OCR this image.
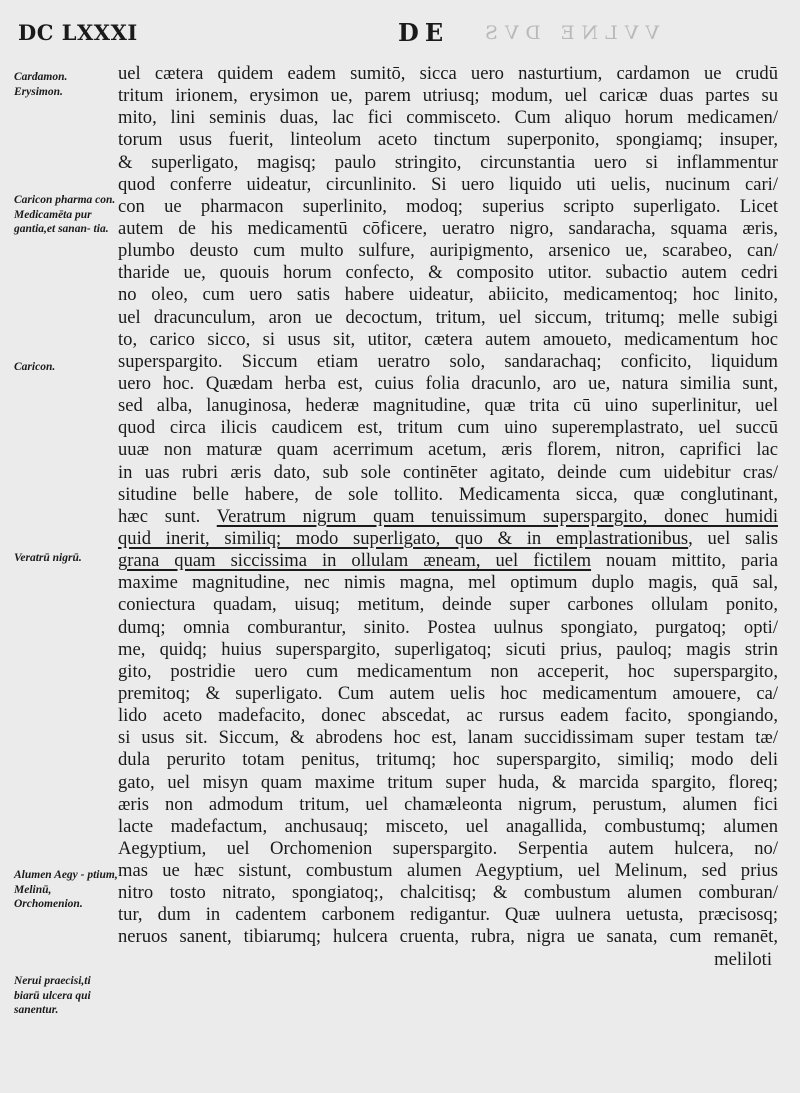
DC LXXXI	DE VVLNE DVS
Cardamon. Erysimon.
Caricon pharma con. Medicamēta pur gantia,et sanan- tia.
Caricon.
Veratrū nigrū.
Alumen Aegy - ptium, Melinū, Orchomenion.
Nerui praecisi,ti biarū ulcera qui sanentur.
uel cætera quidem eadem sumitō, sicca uero nasturtium, cardamon ue crudū
tritum irionem, erysimon ue, parem utriusq; modum, uel caricæ duas partes su
mito, lini seminis duas, lac fici commisceto. Cum aliquo horum medicamen/
torum usus fuerit, linteolum aceto tinctum superponito, spongiamq; insuper,
& superligato, magisq; paulo stringito, circunstantia uero si inflammentur
quod conferre uideatur, circunlinito. Si uero liquido uti uelis, nucinum cari/
con ue pharmacon superlinito, modoq; superius scripto superligato. Licet
autem de his medicamentū cōficere, ueratro nigro, sandaracha, squama æris,
plumbo deusto cum multo sulfure, auripigmento, arsenico ue, scarabeo, can/
tharide ue, quouis horum confecto, & composito utitor. subactio autem cedri
no oleo, cum uero satis habere uideatur, abiicito, medicamentoq; hoc linito,
uel dracunculum, aron ue decoctum, tritum, uel siccum, tritumq; melle subigi
to, carico sicco, si usus sit, utitor, cætera autem amoueto, medicamentum hoc
superspargito. Siccum etiam ueratro solo, sandarachaq; conficito, liquidum
uero hoc. Quædam herba est, cuius folia dracunlo, aro ue, natura similia sunt,
sed alba, lanuginosa, hederæ magnitudine, quæ trita cū uino superlinitur, uel
quod circa ilicis caudicem est, tritum cum uino superemplastrato, uel succū
uuæ non maturæ quam acerrimum acetum, æris florem, nitron, caprifici lac
in uas rubri æris dato, sub sole continēter agitato, deinde cum uidebitur cras/
situdine belle habere, de sole tollito. Medicamenta sicca, quæ conglutinant,
hæc sunt. Veratrum nigrum quam tenuissimum superspargito, donec humidi
quid inerit, similiq; modo superligato, quo & in emplastrationibus, uel salis
grana quam siccissima in ollulam æneam, uel fictilem nouam mittito, paria
maxime magnitudine, nec nimis magna, mel optimum duplo magis, quā sal,
coniectura quadam, uisuq; metitum, deinde super carbones ollulam ponito,
dumq; omnia comburantur, sinito. Postea uulnus spongiato, purgatoq; opti/
me, quidq; huius superspargito, superligatoq; sicuti prius, pauloq; magis strin
gito, postridie uero cum medicamentum non acceperit, hoc superspargito,
premitoq; & superligato. Cum autem uelis hoc medicamentum amouere, ca/
lido aceto madefacito, donec abscedat, ac rursus eadem facito, spongiando,
si usus sit. Siccum, & abrodens hoc est, lanam succidissimam super testam tæ/
dula perurito totam penitus, tritumq; hoc superspargito, similiq; modo deli
gato, uel misyn quam maxime tritum super huda, & marcida spargito, floreq;
æris non admodum tritum, uel chamæleonta nigrum, perustum, alumen fici
lacte madefactum, anchusauq; misceto, uel anagallida, combustumq; alumen
Aegyptium, uel Orchomenion superspargito. Serpentia autem hulcera, no/
mas ue hæc sistunt, combustum alumen Aegyptium, uel Melinum, sed prius
nitro tosto nitrato, spongiatoq;, chalcitisq; & combustum alumen comburan/
tur, dum in cadentem carbonem redigantur. Quæ uulnera uetusta, præcisosq;
neruos sanent, tibiarumq; hulcera cruenta, rubra, nigra ue sanata, cum remanēt,
meliloti
